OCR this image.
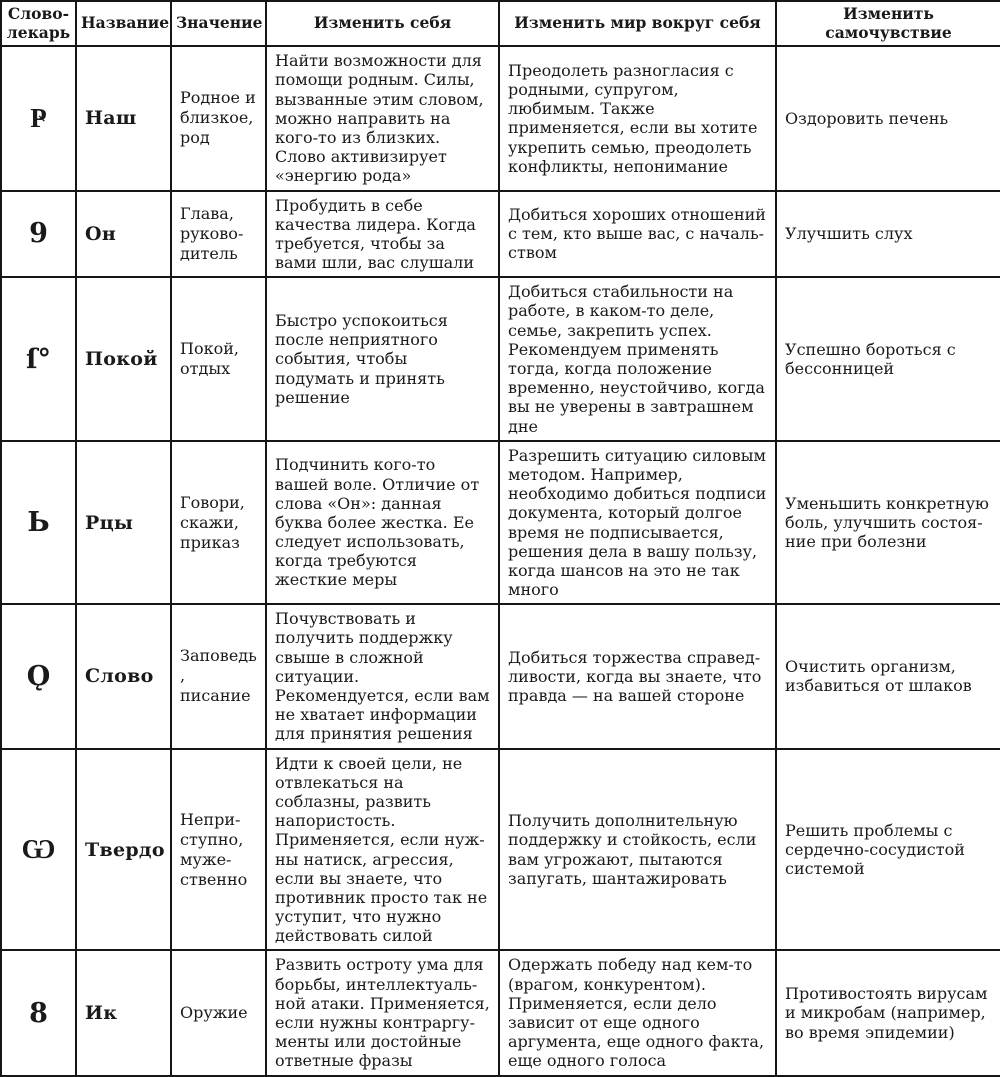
Слово-лекарь	Название	Значение	Изменить себя	Изменить мир вокруг себя	Изменить самочувствие
Ҏ	Наш	Родное и близкое, род	Найти возможности для помощи родным. Силы, вызванные этим словом, можно направить на кого-то из близких. Слово активизирует «энергию рода»	Преодолеть разногласия с родными, супругом, любимым. Также применяется, если вы хотите укрепить семью, преодолеть конфликты, непонимание	Оздоровить печень
9	Он	Глава, руководитель	Пробудить в себе качества лидера. Когда требуется, чтобы за вами шли, вас слушали	Добиться хороших отношений с тем, кто выше вас, с начальством	Улучшить слух
ſ°	Покой	Покой, отдых	Быстро успокоиться после неприятного события, чтобы подумать и принять решение	Добиться стабильности на работе, в каком-то деле, семье, закрепить успех. Рекомендуем применять тогда, когда положение временно, неустойчиво, когда вы не уверены в завтрашнем дне	Успешно бороться с бессонницей
Ь	Рцы	Говори, скажи, приказ	Подчинить кого-то вашей воле. Отличие от слова «Он»: данная буква более жестка. Ее следует использовать, когда требуются жесткие меры	Разрешить ситуацию силовым методом. Например, необходимо добиться подписи документа, который долгое время не подписывается, решения дела в вашу пользу, когда шансов на это не так много	Уменьшить конкретную боль, улучшить состояние при болезни
Ǫ	Слово	Заповедь, писание	Почувствовать и получить поддержку свыше в сложной ситуации. Рекомендуется, если вам не хватает информации для принятия решения	Добиться торжества справедливости, когда вы знаете, что правда — на вашей стороне	Очистить организм, избавиться от шлаков
Ѡ	Твердо	Неприступно, мужественно	Идти к своей цели, не отвлекаться на соблазны, развить напористость. Применяется, если нужны натиск, агрессия, если вы знаете, что противник просто так не уступит, что нужно действовать силой	Получить дополнительную поддержку и стойкость, если вам угрожают, пытаются запугать, шантажировать	Решить проблемы с сердечно-сосудистой системой
8	Ик	Оружие	Развить остроту ума для борьбы, интеллектуальной атаки. Применяется, если нужны контраргументы или достойные ответные фразы	Одержать победу над кем-то (врагом, конкурентом). Применяется, если дело зависит от еще одного аргумента, еще одного факта, еще одного голоса	Противостоять вирусам и микробам (например, во время эпидемии)
